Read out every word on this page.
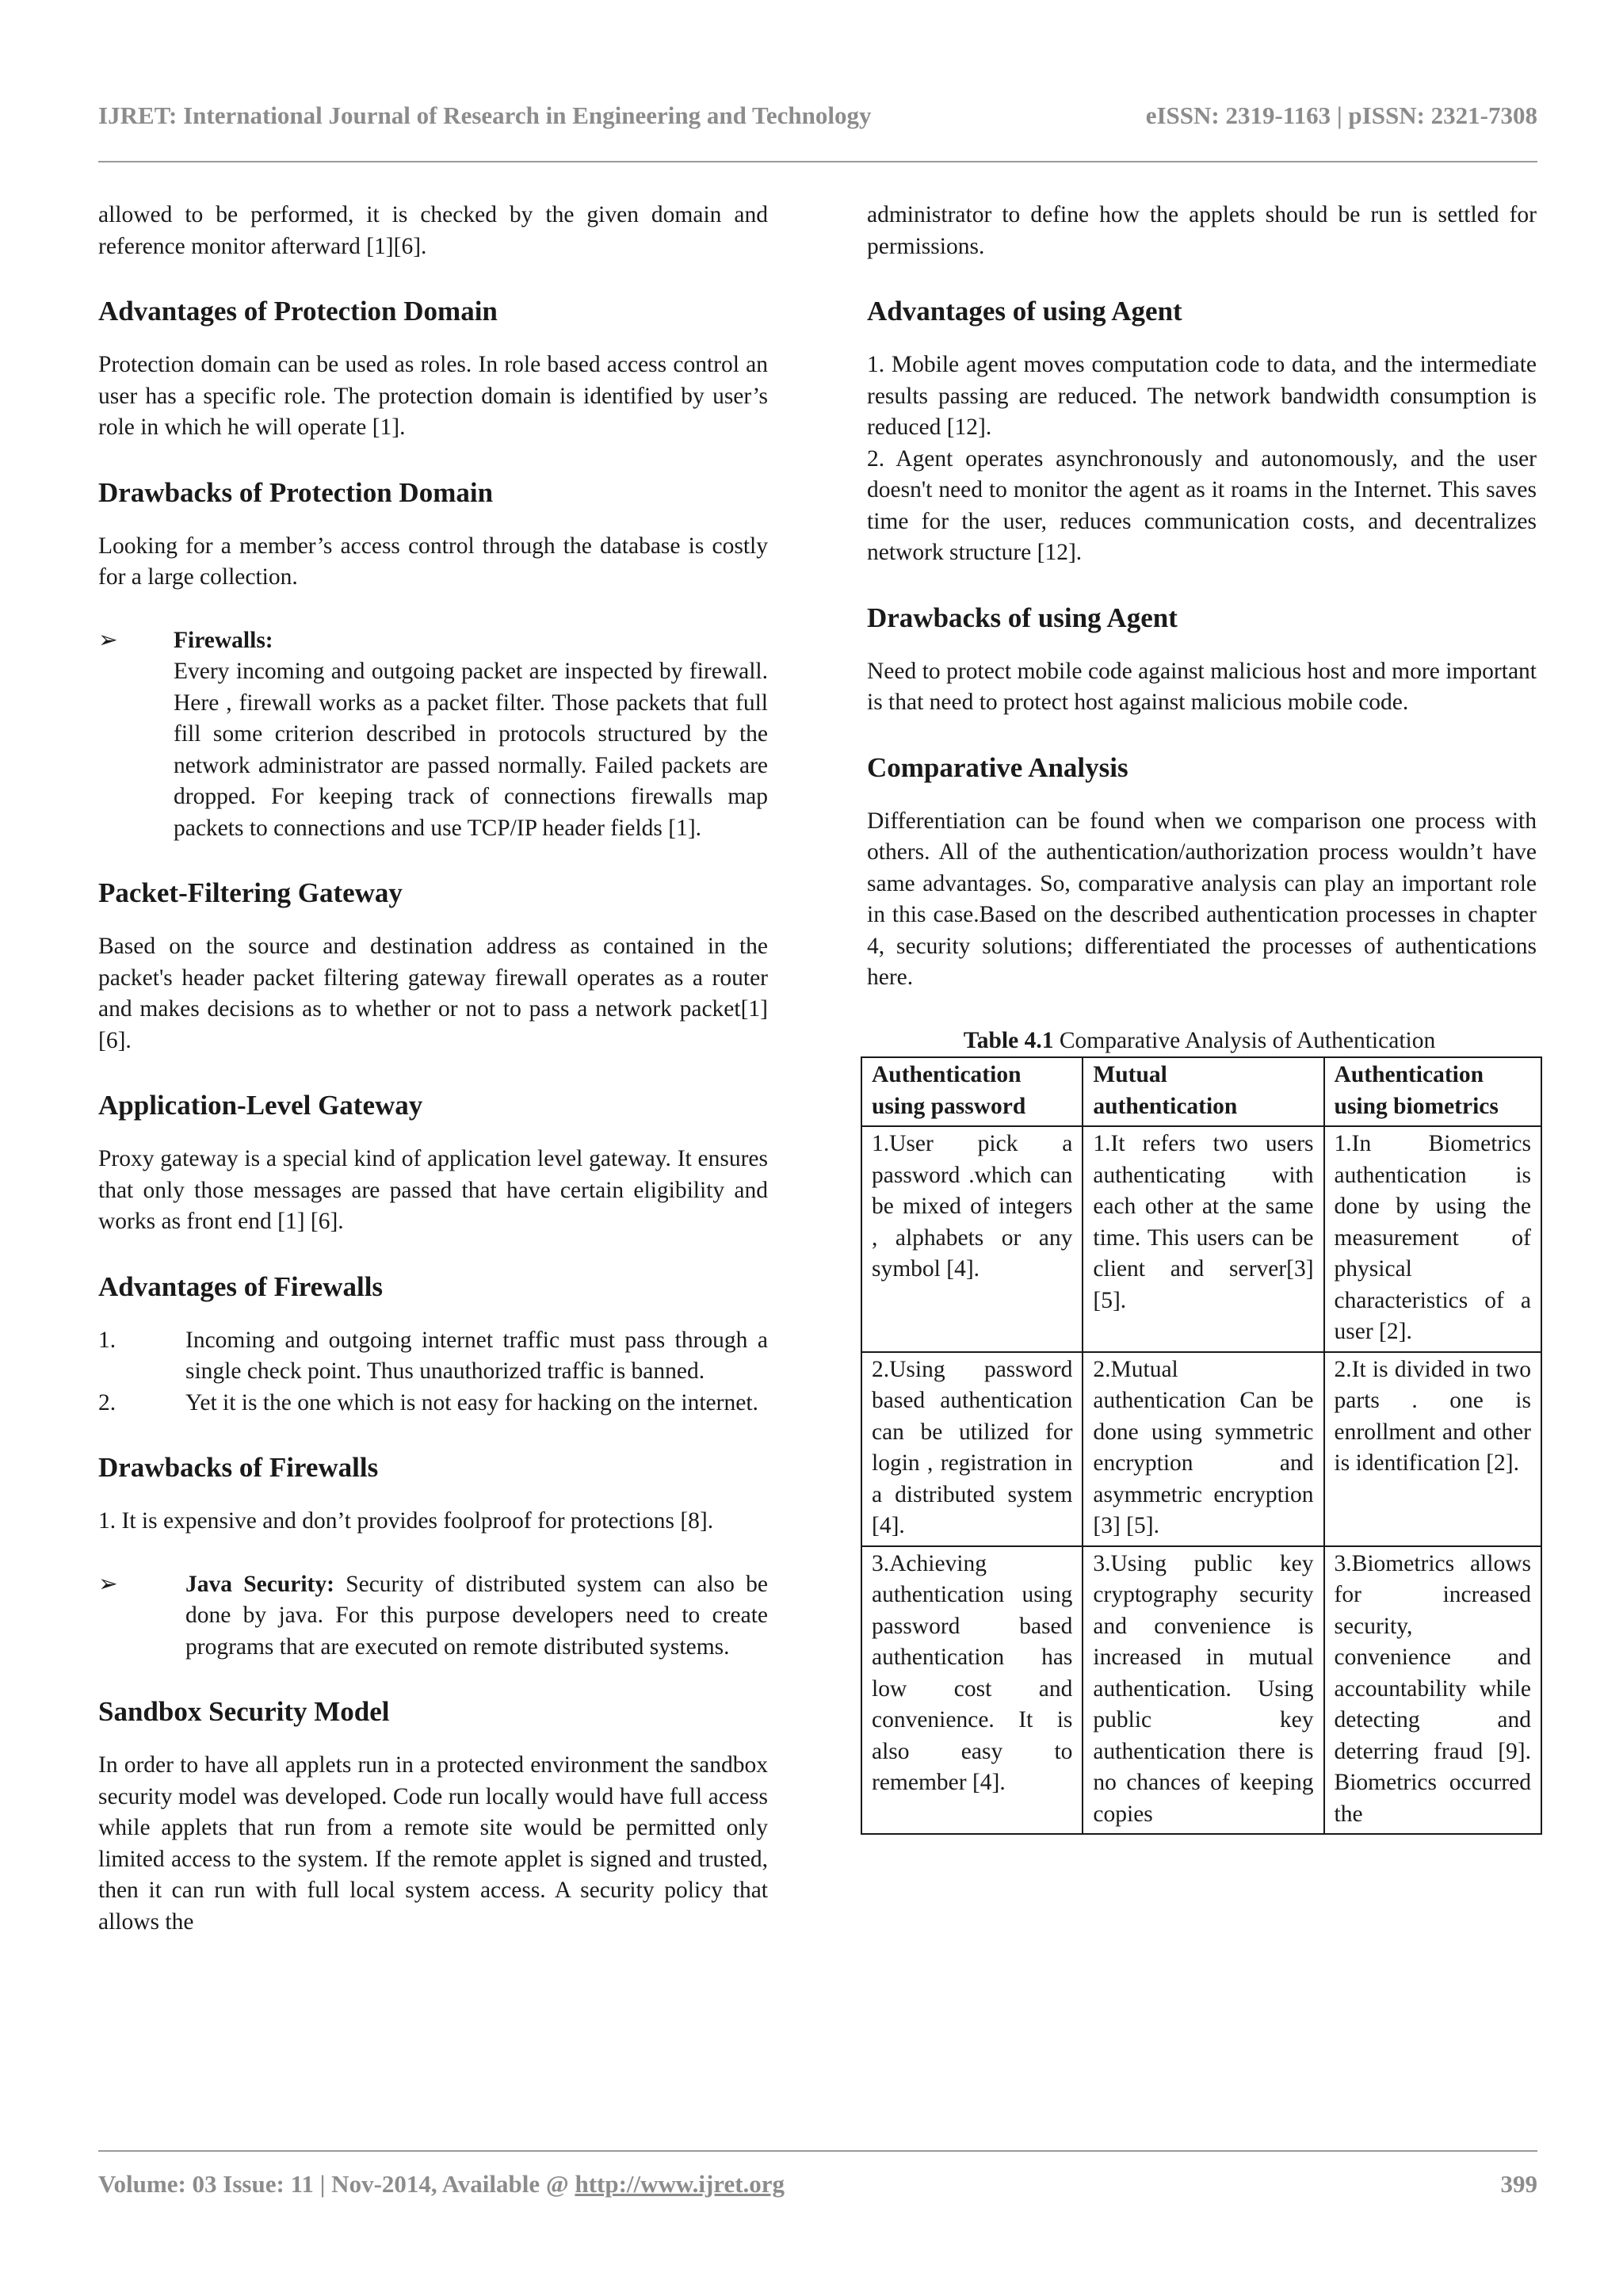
IJRET: International Journal of Research in Engineering and Technology	eISSN: 2319-1163 | pISSN: 2321-7308

allowed to be performed, it is checked by the given domain and reference monitor afterward [1][6].

Advantages of Protection Domain

Protection domain can be used as roles. In role based access control an user has a specific role. The protection domain is identified by user’s role in which he will operate [1].

Drawbacks of Protection Domain

Looking for a member’s access control through the database is costly for a large collection.

➢ Firewalls:

Every incoming and outgoing packet are inspected by firewall. Here , firewall works as a packet filter. Those packets that full fill some criterion described in protocols structured by the network administrator are passed normally. Failed packets are dropped. For keeping track of connections firewalls map packets to connections and use TCP/IP header fields [1].

Packet-Filtering Gateway

Based on the source and destination address as contained in the packet's header packet filtering gateway firewall operates as a router and makes decisions as to whether or not to pass a network packet[1][6].

Application-Level Gateway

Proxy gateway is a special kind of application level gateway. It ensures that only those messages are passed that have certain eligibility and works as front end [1] [6].

Advantages of Firewalls
1.	Incoming and outgoing internet traffic must pass through a single check point. Thus unauthorized traffic is banned.

2.	Yet it is the one which is not easy for hacking on the internet.

Drawbacks of Firewalls

1. It is expensive and don’t provides foolproof for protections [8].

➢	Java Security: Security of distributed system can also be done by java. For this purpose developers need to create programs that are executed on remote distributed systems.

Sandbox Security Model

In order to have all applets run in a protected environment the sandbox security model was developed. Code run locally would have full access while applets that run from a remote site would be permitted only limited access to the system. If the remote applet is signed and trusted, then it can run with full local system access. A security policy that allows the

administrator to define how the applets should be run is settled for permissions.

Advantages of using Agent

1. Mobile agent moves computation code to data, and the intermediate results passing are reduced. The network bandwidth consumption is reduced [12].

2. Agent operates asynchronously and autonomously, and the user doesn't need to monitor the agent as it roams in the Internet. This saves time for the user, reduces communication costs, and decentralizes network structure [12].

Drawbacks of using Agent

Need to protect mobile code against malicious host and more important is that need to protect host against malicious mobile code.

Comparative Analysis

Differentiation can be found when we comparison one process with others. All of the authentication/authorization process wouldn’t have same advantages. So, comparative analysis can play an important role in this case.Based on the described authentication processes in chapter 4, security solutions; differentiated the processes of authentications here.

Table 4.1 Comparative Analysis of Authentication
Authentication using password	Mutual authentication	Authentication using biometrics
1.User pick a password .which can be mixed of integers , alphabets or any symbol [4].	1.It refers two users authenticating with each other at the same time. This users can be client and server[3] [5].	1.In Biometrics authentication is done by using the measurement of physical characteristics of a user [2].
2.Using password based authentication can be utilized for login , registration in a distributed system [4].	2.Mutual authentication Can be done using symmetric encryption and asymmetric encryption [3] [5].	2.It is divided in two parts . one is enrollment and other is identification [2].
3.Achieving authentication using password based authentication has low cost and convenience. It is also easy to remember [4].	3.Using public key cryptography security and convenience is increased in mutual authentication. Using public key authentication there is no chances of keeping copies	3.Biometrics allows for increased security, convenience and accountability while detecting and deterring fraud [9]. Biometrics occurred the
Volume: 03 Issue: 11 | Nov-2014, Available @ http://www.ijret.org	399
